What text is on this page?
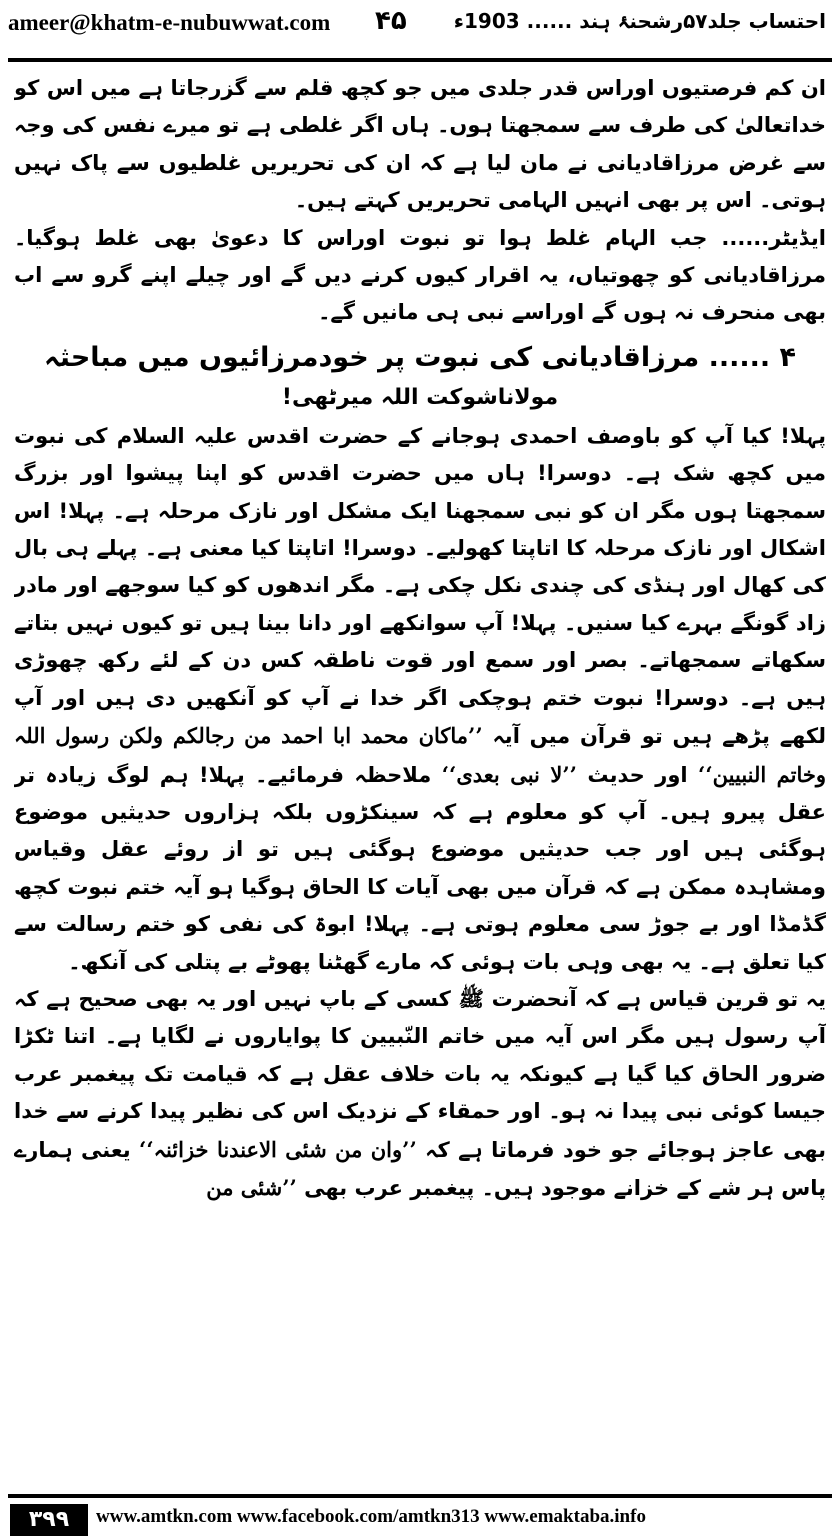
ameer@khatm-e-nubuwwat.com ۴۵ احتساب جلد۵۷رشحنۂ ہند ...... 1903ء

ان کم فرصتیوں اوراس قدر جلدی میں جو کچھ قلم سے گزرجاتا ہے میں اس کو خداتعالیٰ کی طرف سے سمجھتا ہوں۔ ہاں اگر غلطی ہے تو میرے نفس کی وجہ سے غرض مرزاقادیانی نے مان لیا ہے کہ ان کی تحریریں غلطیوں سے پاک نہیں ہوتی۔ اس پر بھی انہیں الہامی تحریریں کہتے ہیں۔

ایڈیٹر...... جب الہام غلط ہوا تو نبوت اوراس کا دعویٰ بھی غلط ہوگیا۔ مرزاقادیانی کو چھوتیاں، یہ اقرار کیوں کرنے دیں گے اور چیلے اپنے گرو سے اب بھی منحرف نہ ہوں گے اوراسے نبی ہی مانیں گے۔

۴ ...... مرزاقادیانی کی نبوت پر خودمرزائیوں میں مباحثہ
مولاناشوکت اللہ میرٹھی!

پہلا! کیا آپ کو باوصف احمدی ہوجانے کے حضرت اقدس علیہ السلام کی نبوت میں کچھ شک ہے۔ دوسرا! ہاں میں حضرت اقدس کو اپنا پیشوا اور بزرگ سمجھتا ہوں مگر ان کو نبی سمجھنا ایک مشکل اور نازک مرحلہ ہے۔ پہلا! اس اشکال اور نازک مرحلہ کا اتاپتا کھولیے۔ دوسرا! اتاپتا کیا معنی ہے۔ پہلے ہی بال کی کھال اور ہنڈی کی چندی نکل چکی ہے۔ مگر اندھوں کو کیا سوجھے اور مادر زاد گونگے بہرے کیا سنیں۔ پہلا! آپ سوانکھے اور دانا بینا ہیں تو کیوں نہیں بتاتے سکھاتے سمجھاتے۔ بصر اور سمع اور قوت ناطقہ کس دن کے لئے رکھ چھوڑی ہیں ہے۔ دوسرا! نبوت ختم ہوچکی اگر خدا نے آپ کو آنکھیں دی ہیں اور آپ لکھے پڑھے ہیں تو قرآن میں آیہ ’’ماکان محمد ابا احمد من رجالکم ولکن رسول اللہ وخاتم النبیین‘‘ اور حدیث ’’لا نبی بعدی‘‘ ملاحظہ فرمائیے۔ پہلا! ہم لوگ زیادہ تر عقل پیرو ہیں۔ آپ کو معلوم ہے کہ سینکڑوں بلکہ ہزاروں حدیثیں موضوع ہوگئی ہیں اور جب حدیثیں موضوع ہوگئی ہیں تو از روئے عقل وقیاس ومشاہدہ ممکن ہے کہ قرآن میں بھی آیات کا الحاق ہوگیا ہو آیہ ختم نبوت کچھ گڈمڈا اور بے جوڑ سی معلوم ہوتی ہے۔ پہلا! ابوۃ کی نفی کو ختم رسالت سے کیا تعلق ہے۔ یہ بھی وہی بات ہوئی کہ مارے گھٹنا پھوٹے بے پتلی کی آنکھ۔

یہ تو قرین قیاس ہے کہ آنحضرت ﷺ کسی کے باپ نہیں اور یہ بھی صحیح ہے کہ آپ رسول ہیں مگر اس آیہ میں خاتم النّبیین کا پوایاروں نے لگایا ہے۔ اتنا ٹکڑا ضرور الحاق کیا گیا ہے کیونکہ یہ بات خلاف عقل ہے کہ قیامت تک پیغمبر عرب جیسا کوئی نبی پیدا نہ ہو۔ اور حمقاء کے نزدیک اس کی نظیر پیدا کرنے سے خدا بھی عاجز ہوجائے جو خود فرماتا ہے کہ ’’وان من شئی الاعندنا خزائنہ‘‘ یعنی ہمارے پاس ہر شے کے خزانے موجود ہیں۔ پیغمبر عرب بھی ’’شئی من

۳۹۹	www.amtkn.com www.facebook.com/amtkn313 www.emaktaba.info
